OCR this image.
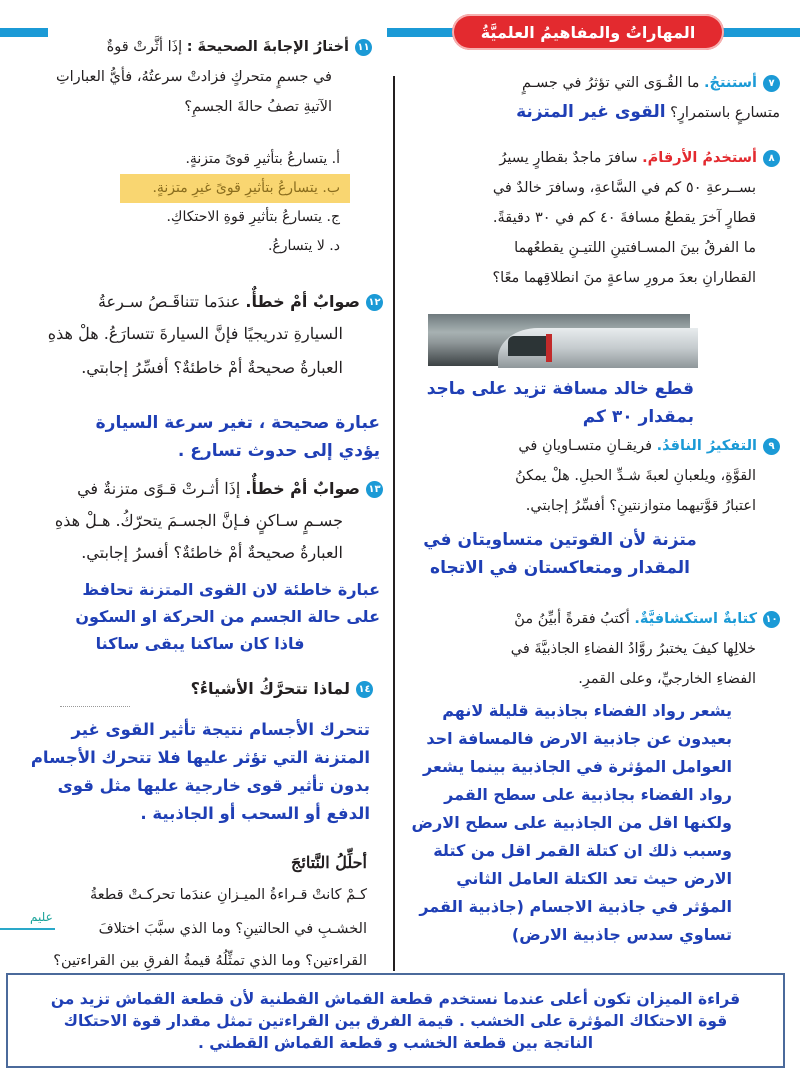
المهاراتُ والمفاهيمُ العلميَّةُ
٧أستنتجُ. ما القُـوَى التي تؤثرُ في جسـمٍ
متسارعٍ باستمرارٍ؟ القوى غير المتزنة
٨أستخدمُ الأرقامَ. سافرَ ماجدٌ بقطارٍ يسيرُ
بســرعةِ ٥٠ كم في السَّاعةِ، وسافرَ خالدٌ في
قطارٍ آخرَ يقطعُ مسافةَ ٤٠ كم في ٣٠ دقيقةً.
ما الفرقُ بينَ المسـافتينِ اللتيـنِ يقطعُهما
القطارانِ بعدَ مرورِ ساعةٍ منَ انطلاقِهما معًا؟
قطع خالد مسافة تزيد على ماجد
بمقدار ٣٠ كم
٩التفكيرُ الناقدُ. فريقـانِ متسـاويانِ في
القوَّةِ، ويلعبانِ لعبةَ شـدِّ الحبلِ. هلْ يمكنُ
اعتبارُ قوَّتيهما متوازنتينِ؟ أفسِّرُ إجابتي.
متزنة لأن القوتين متساويتان في
المقدار ومتعاكستان في الاتجاه
١٠كتابةٌ استكشافيَّةٌ. أكتبُ فقرةً أبيِّنُ منْ
خلالِها كيفَ يختبرُ روَّادُ الفضاءِ الجاذبيَّةَ في
الفضاءِ الخارجيِّ، وعلى القمرِ.
يشعر رواد الفضاء بجاذبية قليلة لانهم
بعيدون عن جاذبية الارض فالمسافة احد
العوامل المؤثرة في الجاذبية بينما يشعر
رواد الفضاء بجاذبية على سطح القمر
ولكنها اقل من الجاذبية على سطح الارض
وسبب ذلك ان كتلة القمر اقل من كتلة
الارض حيث تعد الكتلة العامل الثاني
المؤثر في جاذبية الاجسام (جاذبية القمر
تساوي سدس جاذبية الارض)
١١أختارُ الإجابةَ الصحيحةَ : إذَا أثَّرتْ قوةٌ
في جسمٍ متحركٍ فزادتْ سرعتُهُ، فأيُّ العباراتِ
الآتيةِ تصفُ حالةَ الجسمِ؟
أ. يتسارعُ بتأثيرِ قوىً متزنةٍ.
ب. يتسارعُ بتأثيرِ قوىً غيرِ متزنةٍ.
ج. يتسارعُ بتأثيرِ قوةِ الاحتكاكِ.
د. لا يتسارعُ.
١٢صوابٌ أمْ خطأٌ. عندَما تتناقَـصُ سـرعةُ
السيارةِ تدريجيًا فإنَّ السيارةَ تتسارَعُ. هلْ هذهِ
العبارةُ صحيحةٌ أمْ خاطئةٌ؟ أفسِّرُ إجابتي.
عبارة صحيحة ، تغير سرعة السيارة
يؤدي إلى حدوث تسارع .
١٣صوابٌ أمْ خطأٌ. إذَا أثـرتْ قـوًى متزنةٌ في
جسـمٍ سـاكنٍ فـإنَّ الجسـمَ يتحرّكُ. هـلْ هذهِ
العبارةُ صحيحةٌ أمْ خاطئةٌ؟ أفسرُ إجابتي.
عبارة خاطئة لان القوى المتزنة تحافظ
على حالة الجسم من الحركة او السكون
فاذا كان ساكنا يبقى ساكنا
١٤لماذا تتحرَّكُ الأشياءُ؟
تتحرك الأجسام نتيجة تأثير القوى غير
المتزنة التي تؤثر عليها فلا تتحرك الأجسام
بدون تأثير قوى خارجية عليها مثل قوى
الدفع أو السحب أو الجاذبية .
أحلِّلُ النَّتائجَ
كـمْ كانتْ قـراءةُ الميـزانِ عندَما تحركـتْ قطعةُ
الخشـبِ في الحالتينِ؟ وما الذي سبَّبَ اختلافَ
القراءتين؟ وما الذي تمثِّلُهُ قيمةُ الفرقِ بين القراءتين؟
عليم
قراءة الميزان تكون أعلى عندما نستخدم قطعة القماش القطنية لأن قطعة القماش تزيد من
قوة الاحتكاك المؤثرة على الخشب . قيمة الفرق بين القراءتين تمثل مقدار قوة الاحتكاك
الناتجة بين قطعة الخشب و قطعة القماش القطني .
